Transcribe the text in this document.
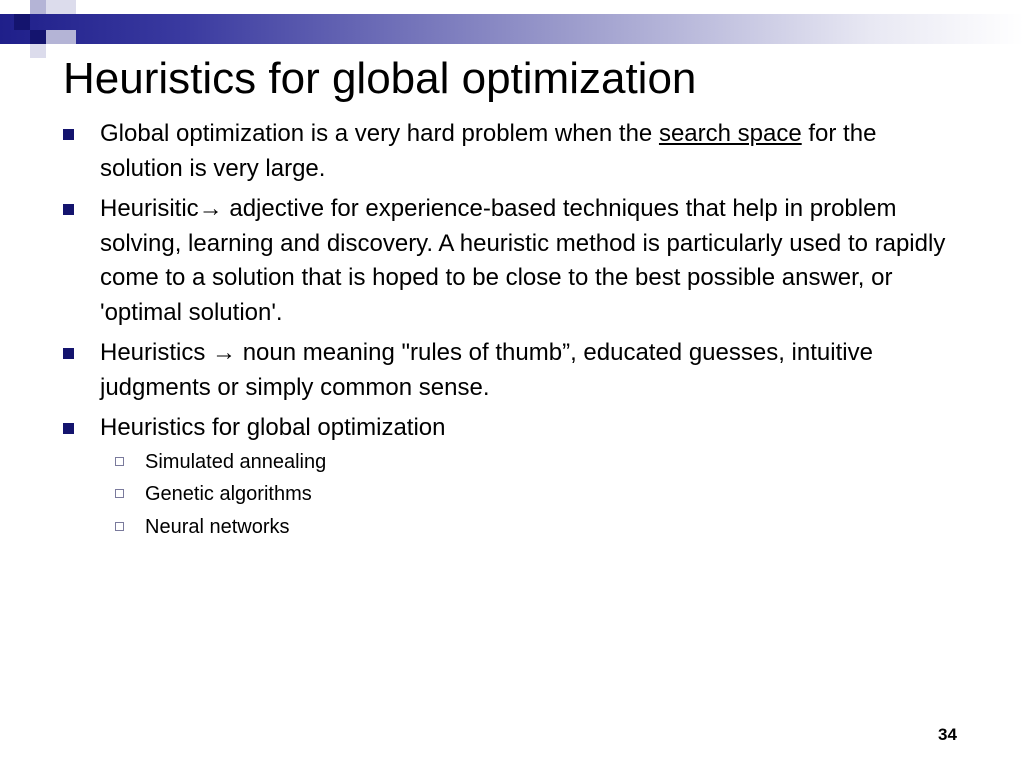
Heuristics for global optimization
Global optimization is a very hard problem when the search space for the solution is very large.
Heurisitic→ adjective for experience-based techniques that help in problem solving, learning and discovery. A heuristic method is particularly used to rapidly come to a solution that is hoped to be close to the best possible answer, or 'optimal solution'.
Heuristics → noun meaning "rules of thumb”, educated guesses, intuitive judgments or simply common sense.
Heuristics for global optimization
Simulated annealing
Genetic algorithms
Neural networks
34
